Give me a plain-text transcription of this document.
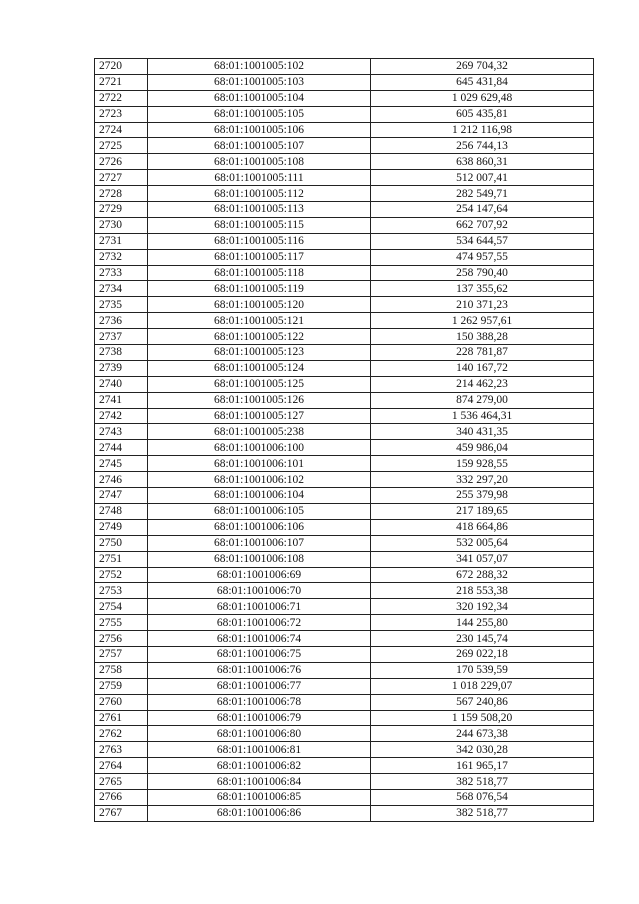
2720	68:01:1001005:102	269 704,32
2721	68:01:1001005:103	645 431,84
2722	68:01:1001005:104	1 029 629,48
2723	68:01:1001005:105	605 435,81
2724	68:01:1001005:106	1 212 116,98
2725	68:01:1001005:107	256 744,13
2726	68:01:1001005:108	638 860,31
2727	68:01:1001005:111	512 007,41
2728	68:01:1001005:112	282 549,71
2729	68:01:1001005:113	254 147,64
2730	68:01:1001005:115	662 707,92
2731	68:01:1001005:116	534 644,57
2732	68:01:1001005:117	474 957,55
2733	68:01:1001005:118	258 790,40
2734	68:01:1001005:119	137 355,62
2735	68:01:1001005:120	210 371,23
2736	68:01:1001005:121	1 262 957,61
2737	68:01:1001005:122	150 388,28
2738	68:01:1001005:123	228 781,87
2739	68:01:1001005:124	140 167,72
2740	68:01:1001005:125	214 462,23
2741	68:01:1001005:126	874 279,00
2742	68:01:1001005:127	1 536 464,31
2743	68:01:1001005:238	340 431,35
2744	68:01:1001006:100	459 986,04
2745	68:01:1001006:101	159 928,55
2746	68:01:1001006:102	332 297,20
2747	68:01:1001006:104	255 379,98
2748	68:01:1001006:105	217 189,65
2749	68:01:1001006:106	418 664,86
2750	68:01:1001006:107	532 005,64
2751	68:01:1001006:108	341 057,07
2752	68:01:1001006:69	672 288,32
2753	68:01:1001006:70	218 553,38
2754	68:01:1001006:71	320 192,34
2755	68:01:1001006:72	144 255,80
2756	68:01:1001006:74	230 145,74
2757	68:01:1001006:75	269 022,18
2758	68:01:1001006:76	170 539,59
2759	68:01:1001006:77	1 018 229,07
2760	68:01:1001006:78	567 240,86
2761	68:01:1001006:79	1 159 508,20
2762	68:01:1001006:80	244 673,38
2763	68:01:1001006:81	342 030,28
2764	68:01:1001006:82	161 965,17
2765	68:01:1001006:84	382 518,77
2766	68:01:1001006:85	568 076,54
2767	68:01:1001006:86	382 518,77
